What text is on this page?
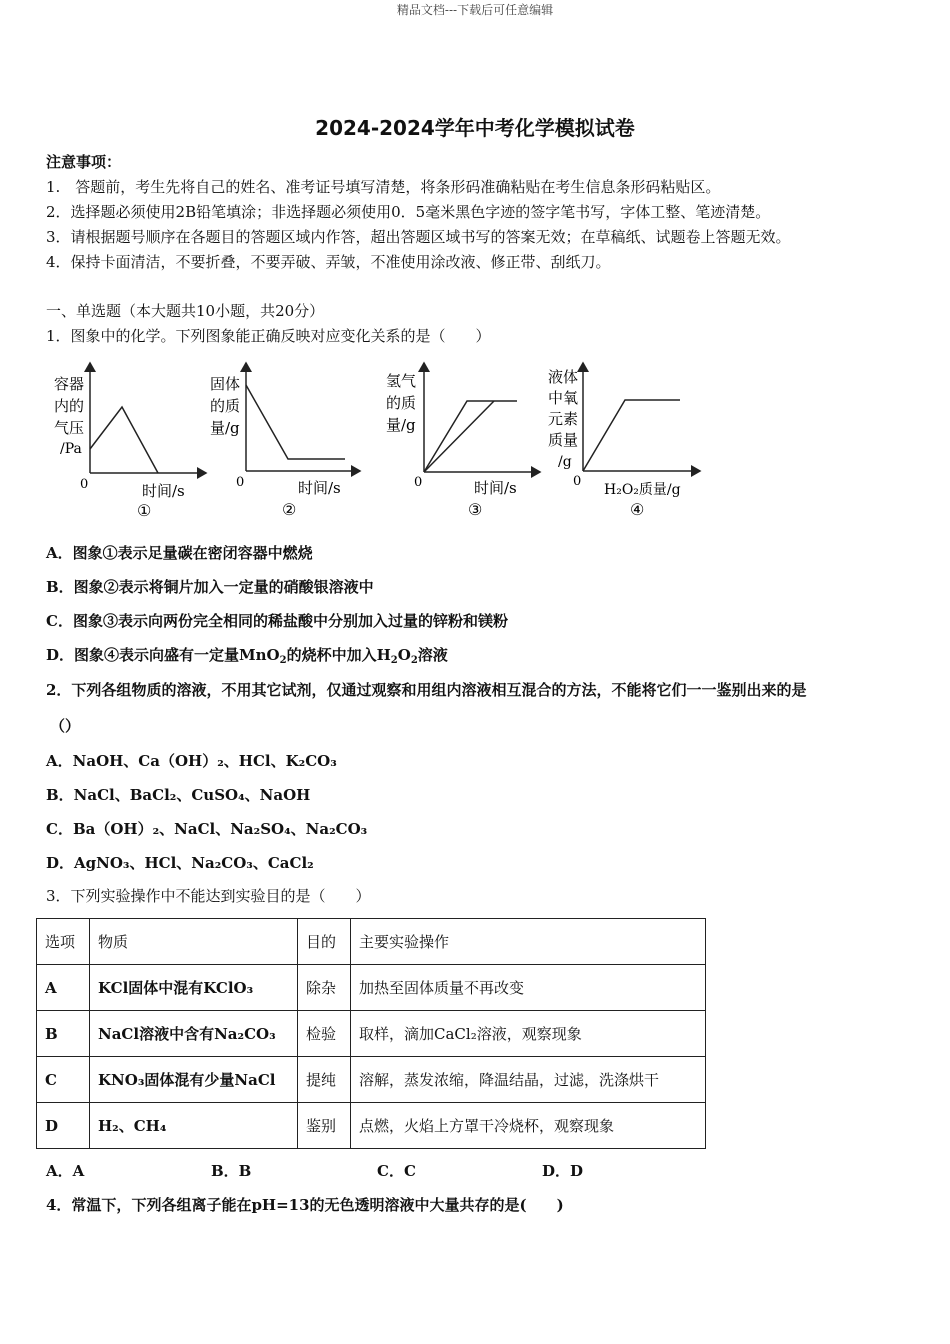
精品文档---下载后可任意编辑
2024-2024学年中考化学模拟试卷
注意事项：
1.　答题前，考生先将自己的姓名、准考证号填写清楚，将条形码准确粘贴在考生信息条形码粘贴区。
2．选择题必须使用2B铅笔填涂；非选择题必须使用0．5毫米黑色字迹的签字笔书写，字体工整、笔迹清楚。
3．请根据题号顺序在各题目的答题区域内作答，超出答题区域书写的答案无效；在草稿纸、试题卷上答题无效。
4．保持卡面清洁，不要折叠，不要弄破、弄皱，不准使用涂改液、修正带、刮纸刀。
一、单选题（本大题共10小题，共20分）
1．图象中的化学。下列图象能正确反映对应变化关系的是（　　）
容器
内的
气压
/Pa
0	时间/s
①
固体
的质
量/g
0	时间/s
②
氢气
的质
量/g
0	时间/s
③
液体
中氧
元素
质量
/g
0
H₂O₂质量/g
④
A．图象①表示足量碳在密闭容器中燃烧
B．图象②表示将铜片加入一定量的硝酸银溶液中
C．图象③表示向两份完全相同的稀盐酸中分别加入过量的锌粉和镁粉
D．图象④表示向盛有一定量MnO$_2$的烧杯中加入$H_2O_2$溶液
2．下列各组物质的溶液，不用其它试剂，仅通过观察和用组内溶液相互混合的方法，不能将它们一一鉴别出来的是
（）
A．NaOH、Ca（OH）₂、HCl、K₂CO₃
B．NaCl、BaCl₂、CuSO₄、NaOH
C．Ba（OH）₂、NaCl、Na₂SO₄、Na₂CO₃
D．AgNO₃、HCl、Na₂CO₃、CaCl₂
3．下列实验操作中不能达到实验目的是（　　）
选项	物质	目的	主要实验操作
A	KCl固体中混有KClO₃	除杂	加热至固体质量不再改变
B	NaCl溶液中含有Na₂CO₃	检验	取样，滴加CaCl₂溶液，观察现象
C	KNO₃固体混有少量NaCl	提纯	溶解，蒸发浓缩，降温结晶，过滤，洗涤烘干
D	H₂、CH₄	鉴别	点燃，火焰上方罩干冷烧杯，观察现象
A．A	B．B	C．C	D．D
4．常温下，下列各组离子能在pH=13的无色透明溶液中大量共存的是(　　)
